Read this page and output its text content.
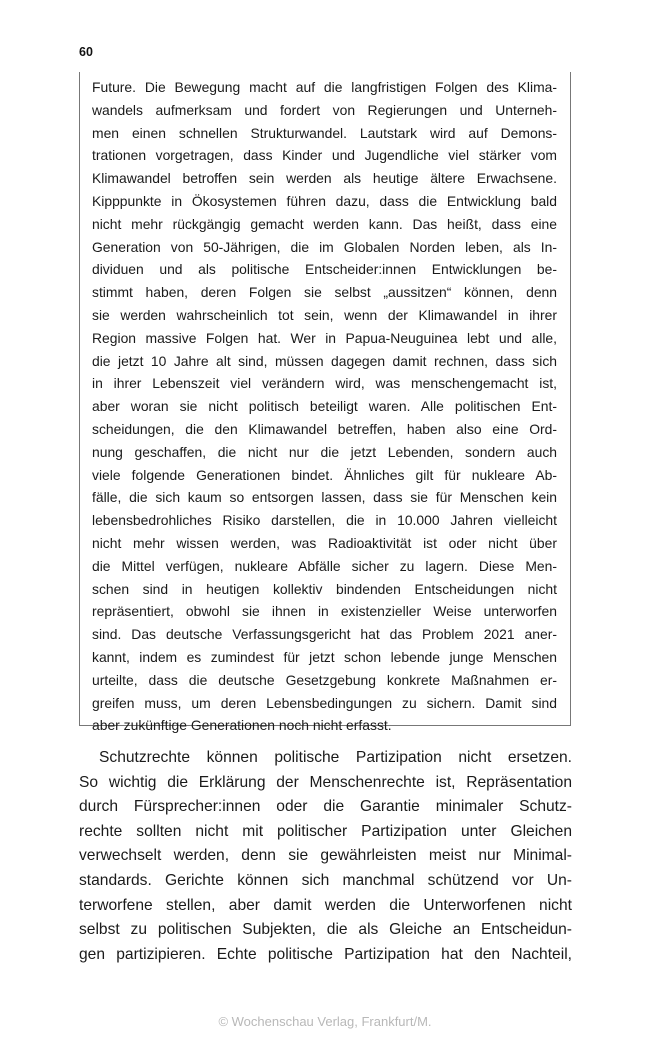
60
Future. Die Bewegung macht auf die langfristigen Folgen des Klima-
wandels aufmerksam und fordert von Regierungen und Unterneh-
men einen schnellen Strukturwandel. Lautstark wird auf Demons-
trationen vorgetragen, dass Kinder und Jugendliche viel stärker vom
Klimawandel betroffen sein werden als heutige ältere Erwachsene.
Kipppunkte in Ökosystemen führen dazu, dass die Entwicklung bald
nicht mehr rückgängig gemacht werden kann. Das heißt, dass eine
Generation von 50-Jährigen, die im Globalen Norden leben, als In-
dividuen und als politische Entscheider:innen Entwicklungen be-
stimmt haben, deren Folgen sie selbst „aussitzen“ können, denn
sie werden wahrscheinlich tot sein, wenn der Klimawandel in ihrer
Region massive Folgen hat. Wer in Papua-Neuguinea lebt und alle,
die jetzt 10 Jahre alt sind, müssen dagegen damit rechnen, dass sich
in ihrer Lebenszeit viel verändern wird, was menschengemacht ist,
aber woran sie nicht politisch beteiligt waren. Alle politischen Ent-
scheidungen, die den Klimawandel betreffen, haben also eine Ord-
nung geschaffen, die nicht nur die jetzt Lebenden, sondern auch
viele folgende Generationen bindet. Ähnliches gilt für nukleare Ab-
fälle, die sich kaum so entsorgen lassen, dass sie für Menschen kein
lebensbedrohliches Risiko darstellen, die in 10.000 Jahren vielleicht
nicht mehr wissen werden, was Radioaktivität ist oder nicht über
die Mittel verfügen, nukleare Abfälle sicher zu lagern. Diese Men-
schen sind in heutigen kollektiv bindenden Entscheidungen nicht
repräsentiert, obwohl sie ihnen in existenzieller Weise unterworfen
sind. Das deutsche Verfassungsgericht hat das Problem 2021 aner-
kannt, indem es zumindest für jetzt schon lebende junge Menschen
urteilte, dass die deutsche Gesetzgebung konkrete Maßnahmen er-
greifen muss, um deren Lebensbedingungen zu sichern. Damit sind
aber zukünftige Generationen noch nicht erfasst.
Schutzrechte können politische Partizipation nicht ersetzen.
So wichtig die Erklärung der Menschenrechte ist, Repräsentation
durch Fürsprecher:innen oder die Garantie minimaler Schutz-
rechte sollten nicht mit politischer Partizipation unter Gleichen
verwechselt werden, denn sie gewährleisten meist nur Minimal-
standards. Gerichte können sich manchmal schützend vor Un-
terworfene stellen, aber damit werden die Unterworfenen nicht
selbst zu politischen Subjekten, die als Gleiche an Entscheidun-
gen partizipieren. Echte politische Partizipation hat den Nachteil,
© Wochenschau Verlag, Frankfurt/M.
